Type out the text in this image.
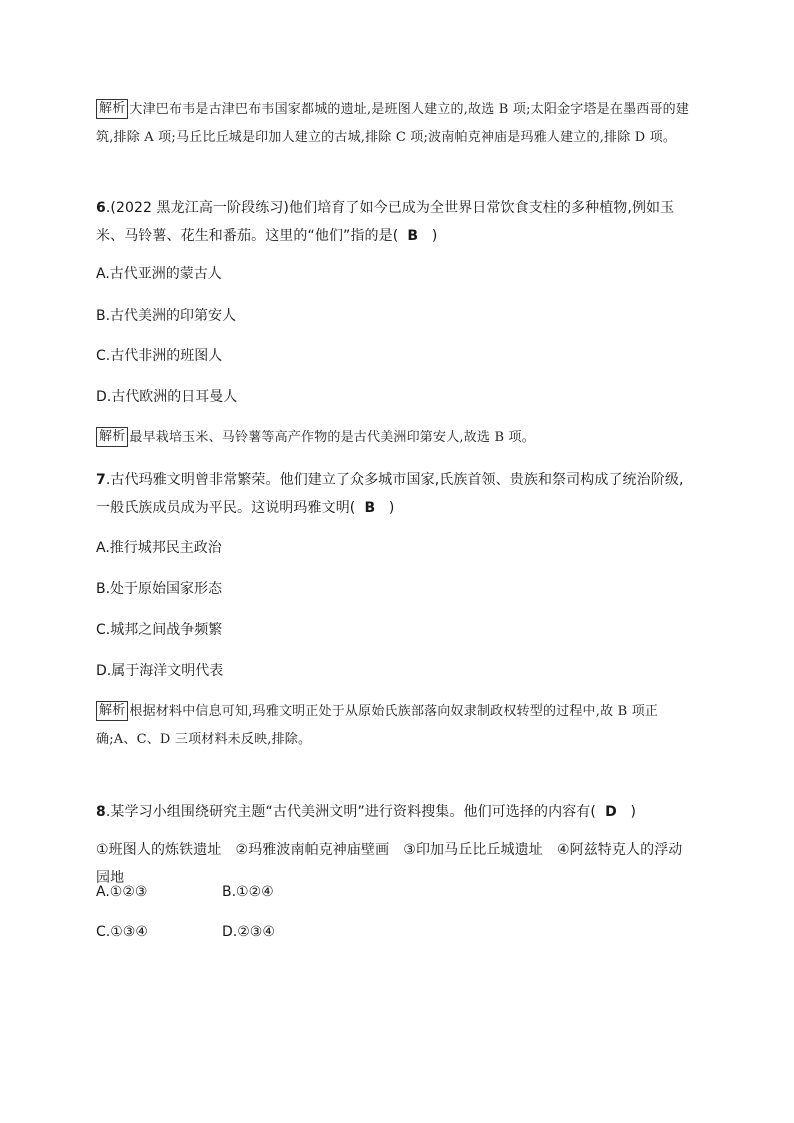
解析 大津巴布韦是古津巴布韦国家都城的遗址,是班图人建立的,故选 B 项;太阳金字塔是在墨西哥的建筑,排除 A 项;马丘比丘城是印加人建立的古城,排除 C 项;波南帕克神庙是玛雅人建立的,排除 D 项。
6.(2022 黑龙江高一阶段练习)他们培育了如今已成为全世界日常饮食支柱的多种植物,例如玉米、马铃薯、花生和番茄。这里的“他们”指的是( B )
A.古代亚洲的蒙古人
B.古代美洲的印第安人
C.古代非洲的班图人
D.古代欧洲的日耳曼人
解析 最早栽培玉米、马铃薯等高产作物的是古代美洲印第安人,故选 B 项。
7.古代玛雅文明曾非常繁荣。他们建立了众多城市国家,氏族首领、贵族和祭司构成了统治阶级,一般氏族成员成为平民。这说明玛雅文明( B )
A.推行城邦民主政治
B.处于原始国家形态
C.城邦之间战争频繁
D.属于海洋文明代表
解析 根据材料中信息可知,玛雅文明正处于从原始氏族部落向奴隶制政权转型的过程中,故 B 项正确;A、C、D 三项材料未反映,排除。
8.某学习小组围绕研究主题“古代美洲文明”进行资料搜集。他们可选择的内容有( D )
①班图人的炼铁遗址　②玛雅波南帕克神庙壁画　③印加马丘比丘城遗址　④阿兹特克人的浮动园地
A.①②③	B.①②④
C.①③④	D.②③④
